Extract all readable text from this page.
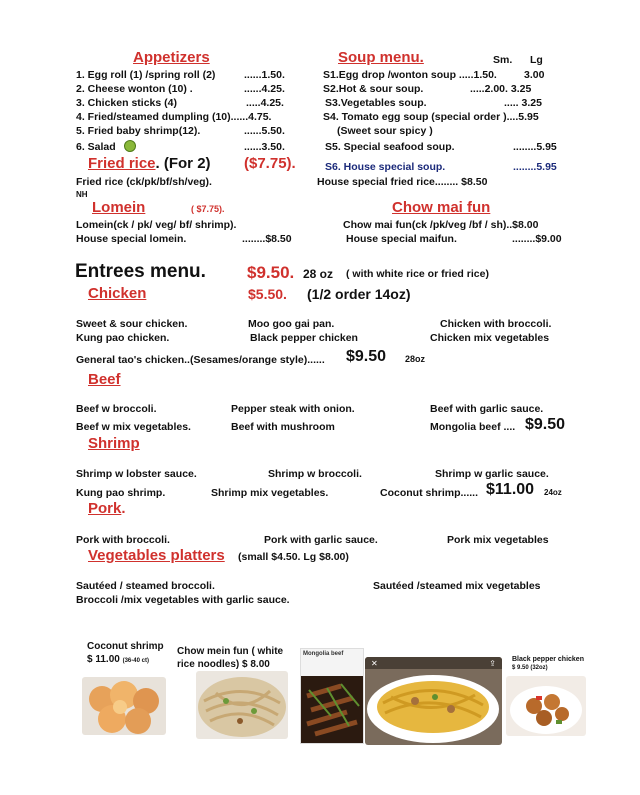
Appetizers
1. Egg roll (1) /spring roll (2)	......1.50.
2. Cheese wonton (10) .	......4.25.
3. Chicken sticks (4)	.....4.25.
4. Fried/steamed dumpling (10)......4.75.
5. Fried baby shrimp(12).	......5.50.
6. Salad	......3.50.
Soup menu.	Sm. Lg
S1.Egg drop /wonton soup .....1.50.	3.00
S2.Hot & sour soup.	.....2.00. 3.25
S3.Vegetables soup.	..... 3.25
S4. Tomato egg soup (special order )....5.95
(Sweet sour spicy )
S5. Special seafood soup.	........5.95
S6. House special soup.	........5.95
Fried rice. (For 2) ($7.75).
Fried rice (ck/pk/bf/sh/veg).
NH
House special fried rice........ $8.50
Lomein	( $7.75).
Lomein(ck / pk/ veg/ bf/ shrimp).
House special lomein.	........$8.50
Chow mai fun
Chow mai fun(ck /pk/veg /bf / sh)..$8.00
House special maifun.	........$9.00
Entrees menu. $9.50. 28 oz ( with white rice or fried rice)
Chicken	$5.50. (1/2 order 14oz)
Sweet & sour chicken.	Moo goo gai pan.	Chicken with broccoli.
Kung pao chicken.	Black pepper chicken	Chicken mix vegetables
General tao's chicken..(Sesames/orange style)...... $9.50 28oz
Beef
Beef w broccoli.	Pepper steak with onion.	Beef with garlic sauce.
Beef w mix vegetables.	Beef with mushroom	Mongolia beef .... $9.50
Shrimp
Shrimp w lobster sauce.	Shrimp w broccoli.	Shrimp w garlic sauce.
Kung pao shrimp.	Shrimp mix vegetables.	Coconut shrimp...... $11.00 24oz
Pork.
Pork with broccoli.	Pork with garlic sauce.	Pork mix vegetables
Vegetables platters (small $4.50. Lg $8.00)
Sautéed / steamed broccoli.	Sautéed /steamed mix vegetables
Broccoli /mix vegetables with garlic sauce.
Coconut shrimp
$ 11.00 (36-40 ct)
Chow mein fun ( white rice noodles) $ 8.00
Mongolia beef
✕	⇪ Black pepper chicken
$ 9.50 (32oz)
